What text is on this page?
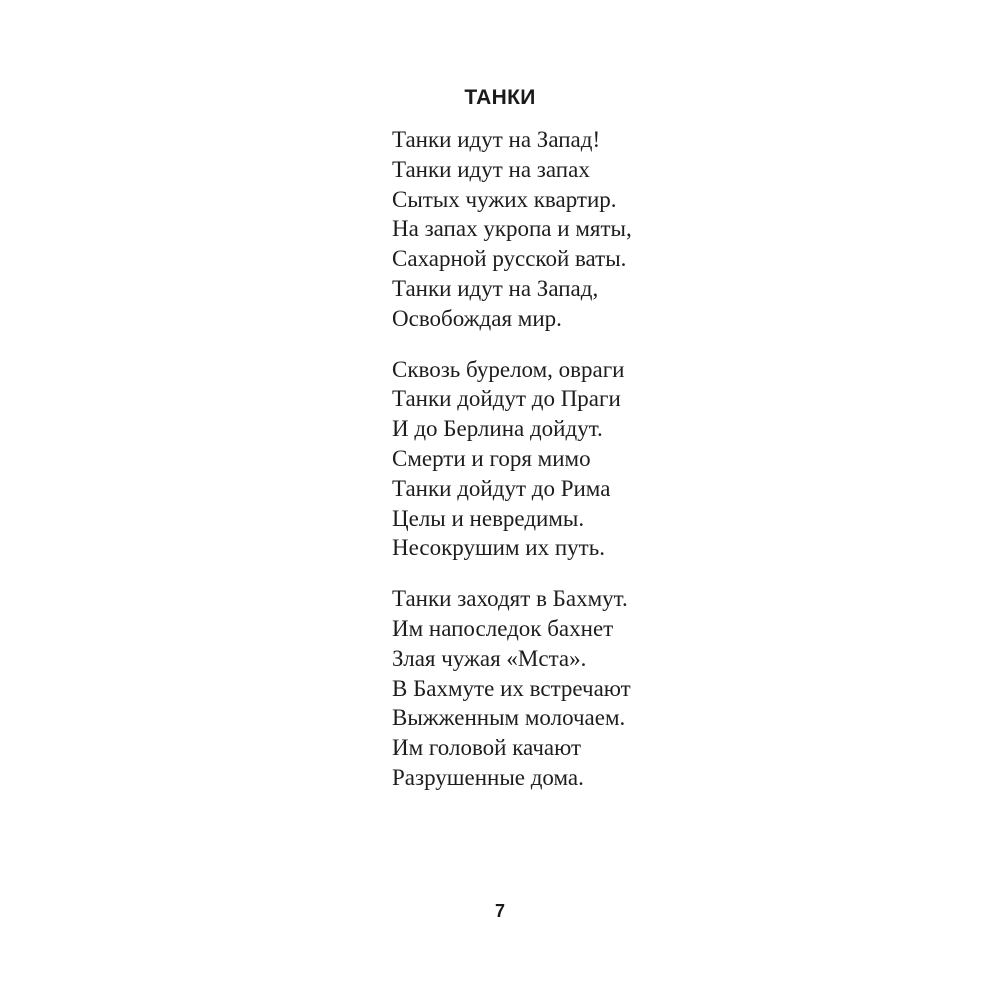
ТАНКИ
Танки идут на Запад!
Танки идут на запах
Сытых чужих квартир.
На запах укропа и мяты,
Сахарной русской ваты.
Танки идут на Запад,
Освобождая мир.
Сквозь бурелом, овраги
Танки дойдут до Праги
И до Берлина дойдут.
Смерти и горя мимо
Танки дойдут до Рима
Целы и невредимы.
Несокрушим их путь.
Танки заходят в Бахмут.
Им напоследок бахнет
Злая чужая «Мста».
В Бахмуте их встречают
Выжженным молочаем.
Им головой качают
Разрушенные дома.
7
